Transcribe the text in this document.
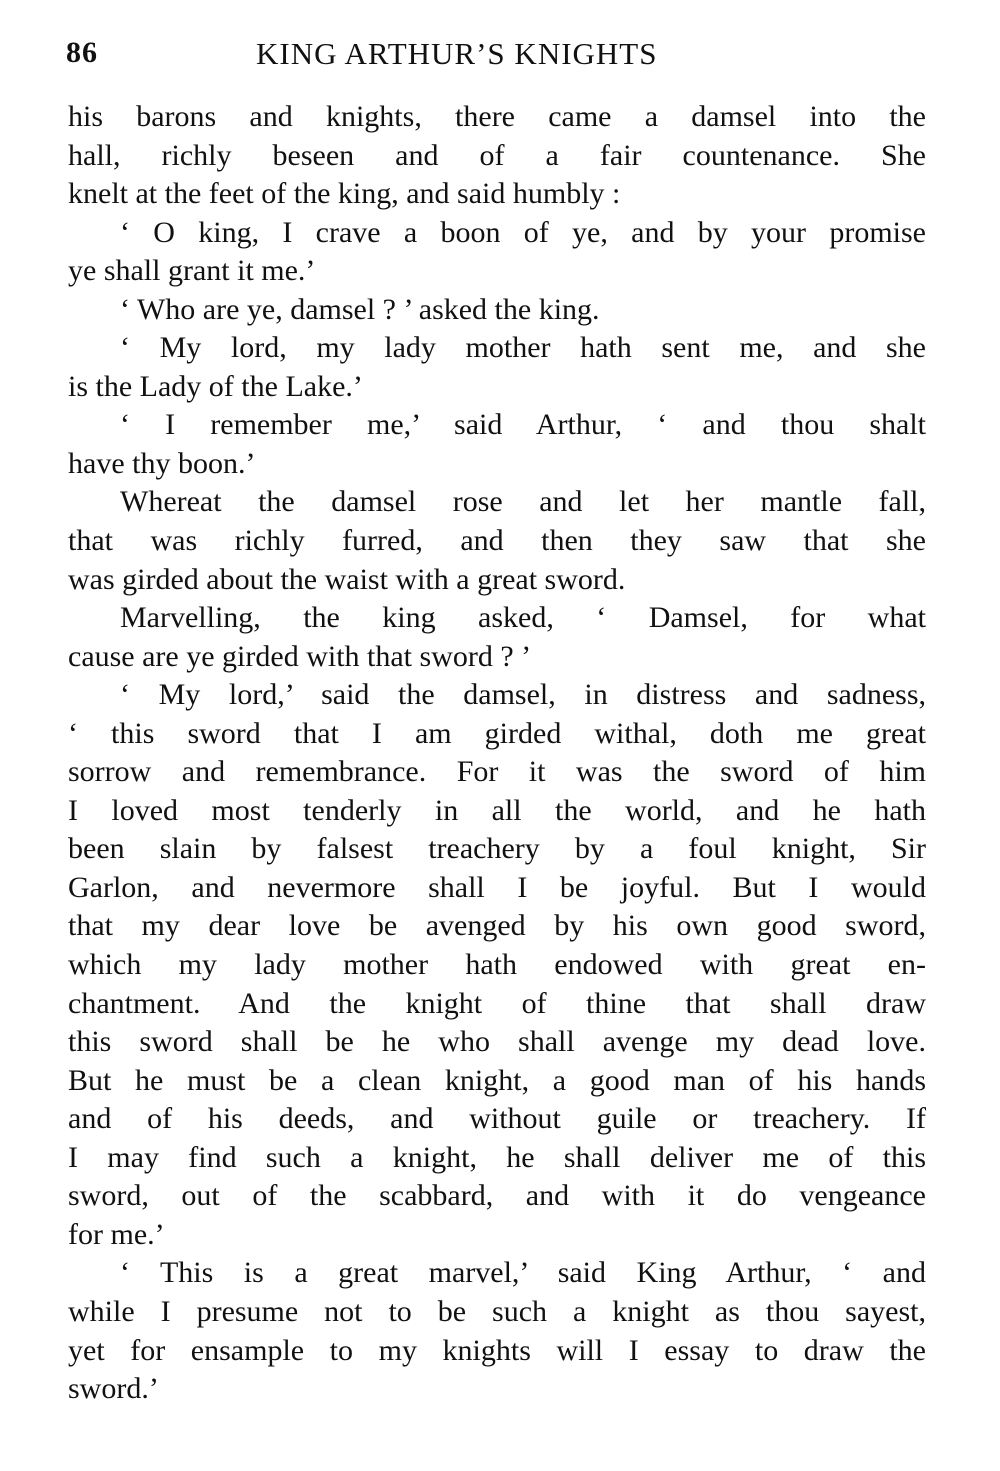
86	KING ARTHUR’S KNIGHTS
his barons and knights, there came a damsel into the
hall, richly beseen and of a fair countenance. She
knelt at the feet of the king, and said humbly :
‘ O king, I crave a boon of ye, and by your promise
ye shall grant it me.’
‘ Who are ye, damsel ? ’ asked the king.
‘ My lord, my lady mother hath sent me, and she
is the Lady of the Lake.’
‘ I remember me,’ said Arthur, ‘ and thou shalt
have thy boon.’
Whereat the damsel rose and let her mantle fall,
that was richly furred, and then they saw that she
was girded about the waist with a great sword.
Marvelling, the king asked, ‘ Damsel, for what
cause are ye girded with that sword ? ’
‘ My lord,’ said the damsel, in distress and sadness,
‘ this sword that I am girded withal, doth me great
sorrow and remembrance. For it was the sword of him
I loved most tenderly in all the world, and he hath
been slain by falsest treachery by a foul knight, Sir
Garlon, and nevermore shall I be joyful. But I would
that my dear love be avenged by his own good sword,
which my lady mother hath endowed with great en-
chantment. And the knight of thine that shall draw
this sword shall be he who shall avenge my dead love.
But he must be a clean knight, a good man of his hands
and of his deeds, and without guile or treachery. If
I may find such a knight, he shall deliver me of this
sword, out of the scabbard, and with it do vengeance
for me.’
‘ This is a great marvel,’ said King Arthur, ‘ and
while I presume not to be such a knight as thou sayest,
yet for ensample to my knights will I essay to draw the
sword.’
